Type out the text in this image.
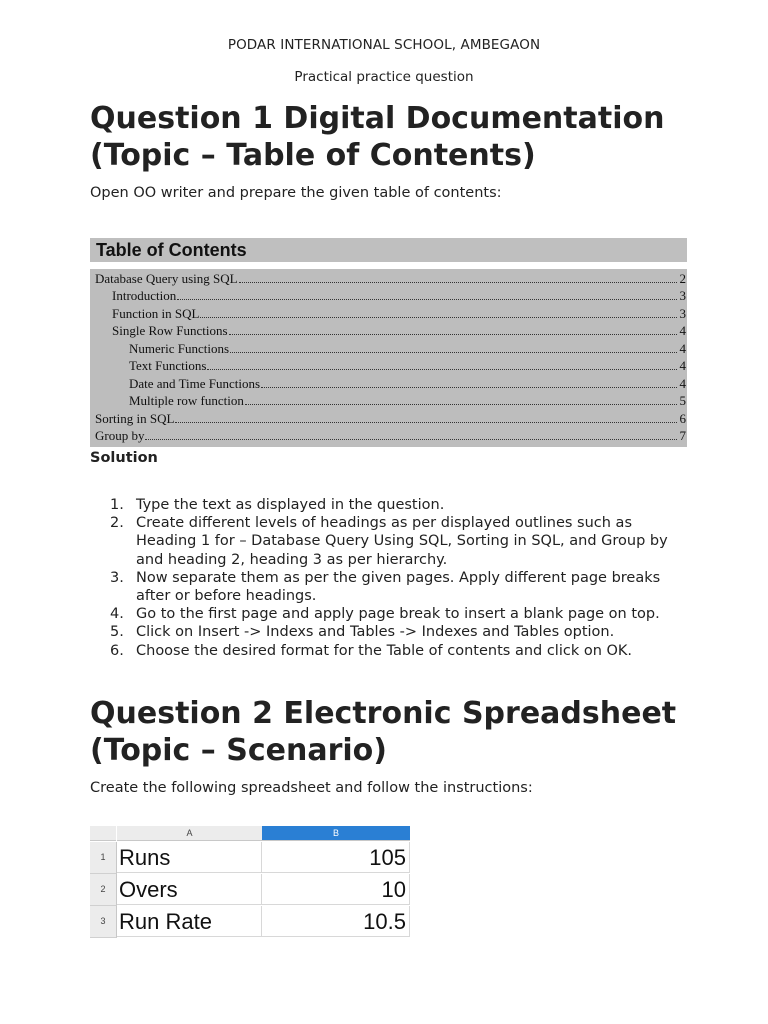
PODAR INTERNATIONAL SCHOOL, AMBEGAON
Practical practice question
Question 1 Digital Documentation
(Topic – Table of Contents)
Open OO writer and prepare the given table of contents:
Table of Contents
Database Query using SQL	2
Introduction	3
Function in SQL	3
Single Row Functions	4
Numeric Functions	4
Text Functions	4
Date and Time Functions	4
Multiple row function	5
Sorting in SQL	6
Group by	7
Solution
1. Type the text as displayed in the question.
2. Create different levels of headings as per displayed outlines such as Heading 1 for – Database Query Using SQL, Sorting in SQL, and Group by and heading 2, heading 3 as per hierarchy.
3. Now separate them as per the given pages. Apply different page breaks after or before headings.
4. Go to the first page and apply page break to insert a blank page on top.
5. Click on Insert -> Indexs and Tables -> Indexes and Tables option.
6. Choose the desired format for the Table of contents and click on OK.
Question 2 Electronic Spreadsheet
(Topic – Scenario)
Create the following spreadsheet and follow the instructions:
A	B
1 Runs	105
2 Overs	10
3 Run Rate	10.5
